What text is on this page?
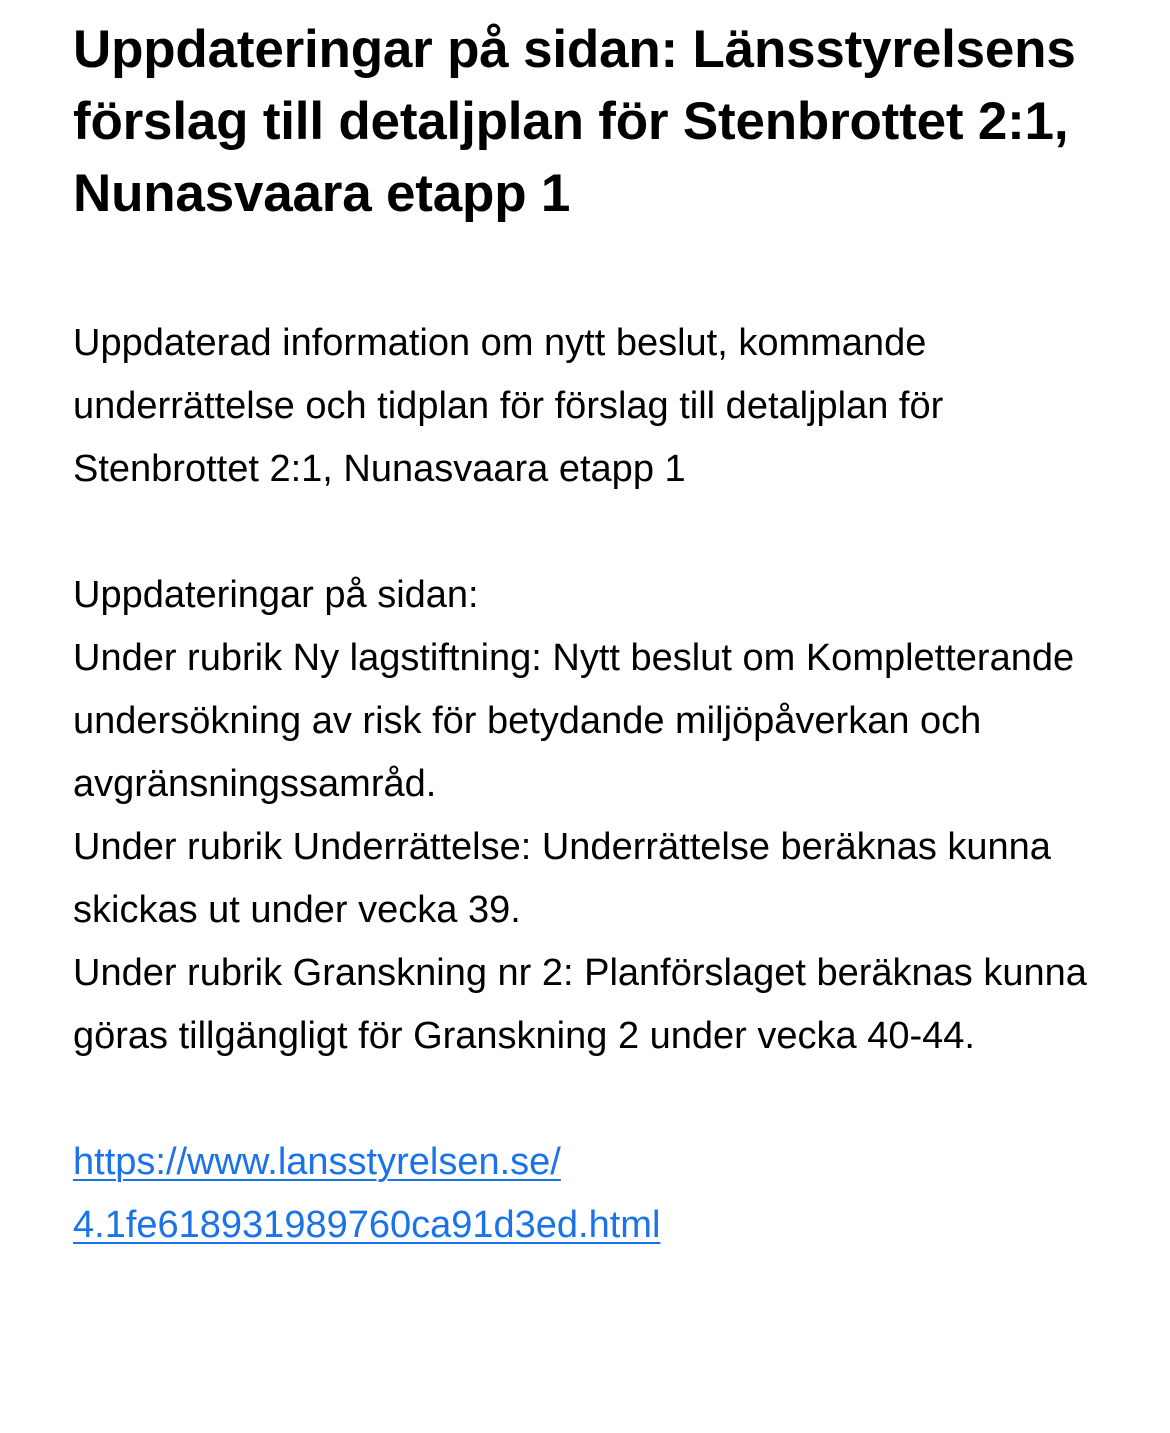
Uppdateringar på sidan: Länsstyrelsens förslag till detaljplan för Stenbrottet 2:1, Nunasvaara etapp 1

Uppdaterad information om nytt beslut, kommande underrättelse och tidplan för förslag till detaljplan för Stenbrottet 2:1, Nunasvaara etapp 1

Uppdateringar på sidan:
Under rubrik Ny lagstiftning: Nytt beslut om Kompletterande undersökning av risk för betydande miljöpåverkan och avgränsningssamråd.
Under rubrik Underrättelse: Underrättelse beräknas kunna skickas ut under vecka 39.
Under rubrik Granskning nr 2: Planförslaget beräknas kunna göras tillgängligt för Granskning 2 under vecka 40-44.

https://www.lansstyrelsen.se/
4.1fe618931989760ca91d3ed.html
